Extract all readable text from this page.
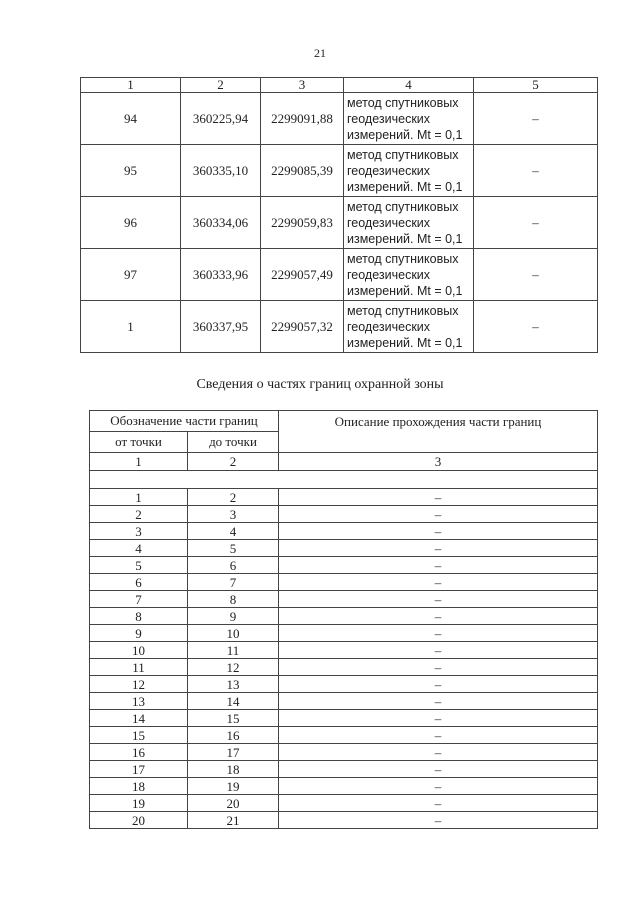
21
1	2	3	4	5
94	360225,94	2299091,88	метод спутниковых
геодезических
измерений. Mt = 0,1	–
95	360335,10	2299085,39	метод спутниковых
геодезических
измерений. Mt = 0,1	–
96	360334,06	2299059,83	метод спутниковых
геодезических
измерений. Mt = 0,1	–
97	360333,96	2299057,49	метод спутниковых
геодезических
измерений. Mt = 0,1	–
1	360337,95	2299057,32	метод спутниковых
геодезических
измерений. Mt = 0,1	–
Сведения о частях границ охранной зоны
Обозначение части границ		Описание прохождения части границ
от точки	до точки	
1	2	3

1	2	–
2	3	–
3	4	–
4	5	–
5	6	–
6	7	–
7	8	–
8	9	–
9	10	–
10	11	–
11	12	–
12	13	–
13	14	–
14	15	–
15	16	–
16	17	–
17	18	–
18	19	–
19	20	–
20	21	–
